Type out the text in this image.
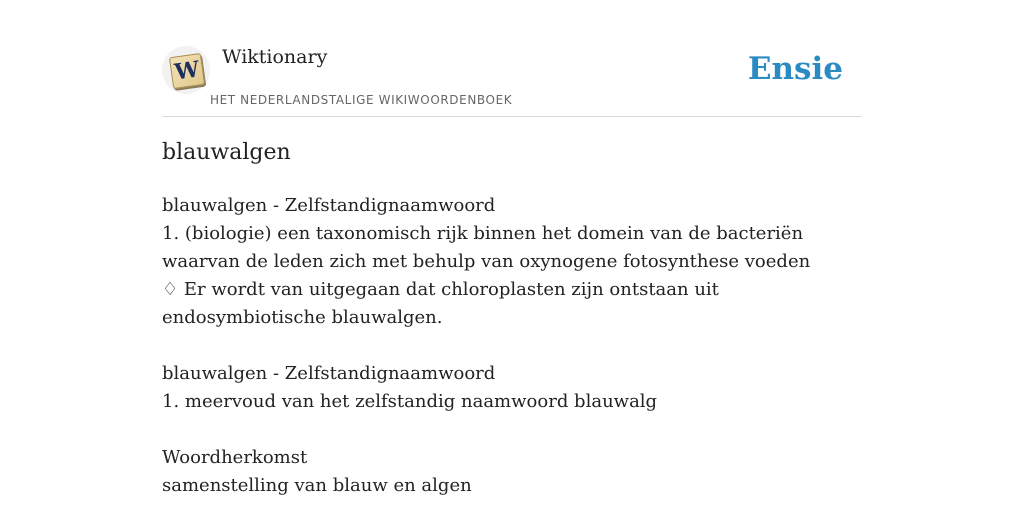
W Wiktionary
HET NEDERLANDSTALIGE WIKIWOORDENBOEK
Ensie
blauwalgen

blauwalgen - Zelfstandignaamwoord

1. (biologie) een taxonomisch rijk binnen het domein van de bacteriën waarvan de leden zich met behulp van oxynogene fotosynthese voeden

♢ Er wordt van uitgegaan dat chloroplasten zijn ontstaan uit endosymbiotische blauwalgen.

blauwalgen - Zelfstandignaamwoord

1. meervoud van het zelfstandig naamwoord blauwalg

Woordherkomst

samenstelling van blauw en algen
